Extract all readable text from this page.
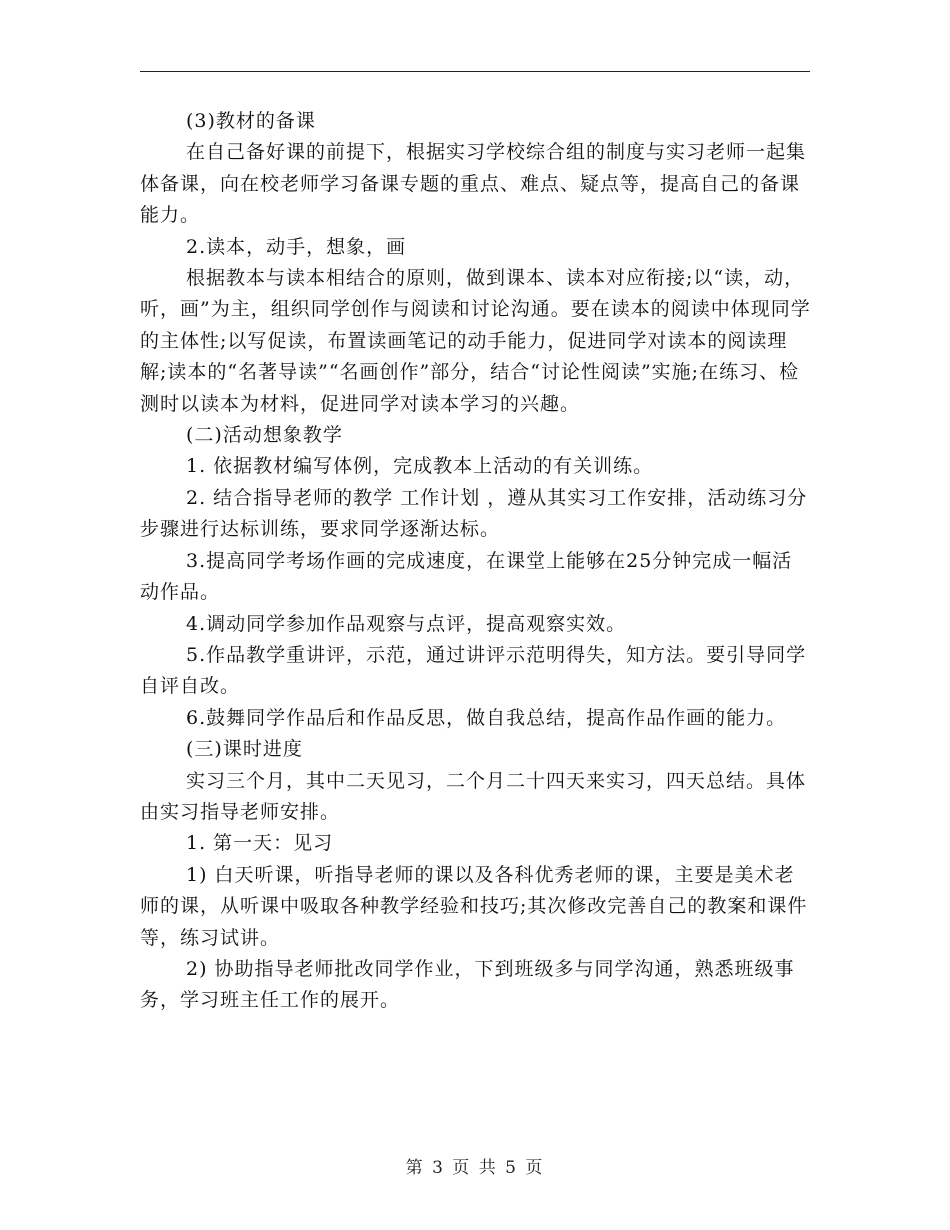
(3)教材的备课

在自己备好课的前提下，根据实习学校综合组的制度与实习老师一起集体备课，向在校老师学习备课专题的重点、难点、疑点等，提高自己的备课能力。

2.读本，动手，想象，画

根据教本与读本相结合的原则，做到课本、读本对应衔接;以“读，动，听，画”为主，组织同学创作与阅读和讨论沟通。要在读本的阅读中体现同学的主体性;以写促读，布置读画笔记的动手能力，促进同学对读本的阅读理解;读本的“名著导读”“名画创作”部分，结合“讨论性阅读”实施;在练习、检测时以读本为材料，促进同学对读本学习的兴趣。

(二)活动想象教学

1. 依据教材编写体例，完成教本上活动的有关训练。

2. 结合指导老师的教学 工作计划 ，遵从其实习工作安排，活动练习分步骤进行达标训练，要求同学逐渐达标。

3.提高同学考场作画的完成速度，在课堂上能够在25分钟完成一幅活动作品。

4.调动同学参加作品观察与点评，提高观察实效。

5.作品教学重讲评，示范，通过讲评示范明得失，知方法。要引导同学自评自改。

6.鼓舞同学作品后和作品反思，做自我总结，提高作品作画的能力。

(三)课时进度

实习三个月，其中二天见习，二个月二十四天来实习，四天总结。具体由实习指导老师安排。

1. 第一天：见习

1) 白天听课，听指导老师的课以及各科优秀老师的课，主要是美术老师的课，从听课中吸取各种教学经验和技巧;其次修改完善自己的教案和课件等，练习试讲。

2) 协助指导老师批改同学作业，下到班级多与同学沟通，熟悉班级事务，学习班主任工作的展开。

第 3 页 共 5 页
